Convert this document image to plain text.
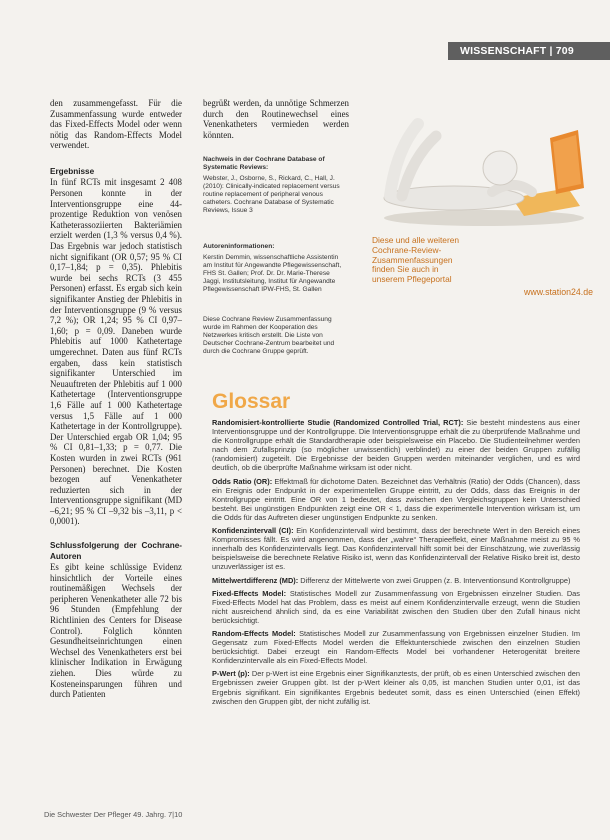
WISSENSCHAFT | 709

den zusammengefasst. Für die Zusammenfassung wurde entweder das Fixed-Effects Model oder wenn nötig das Random-Effects Model verwendet.

Ergebnisse

In fünf RCTs mit insgesamt 2 408 Personen konnte in der Interventionsgruppe eine 44-prozentige Reduktion von venösen Katheterassoziierten Bakteriämien erzielt werden (1,3 % versus 0,4 %). Das Ergebnis war jedoch statistisch nicht signifikant (OR 0,57; 95 % CI 0,17–1,84; p = 0,35). Phlebitis wurde bei sechs RCTs (3 455 Personen) erfasst. Es ergab sich kein signifikanter Anstieg der Phlebitis in der Interventionsgruppe (9 % versus 7,2 %); OR 1,24; 95 % CI 0,97–1,60; p = 0,09. Daneben wurde Phlebitis auf 1000 Kathetertage umgerechnet. Daten aus fünf RCTs ergaben, dass kein statistisch signifikanter Unterschied im Neuauftreten der Phlebitis auf 1 000 Kathetertage (Interventionsgruppe 1,6 Fälle auf 1 000 Kathetertage versus 1,5 Fälle auf 1 000 Kathetertage in der Kontrollgruppe). Der Unterschied ergab OR 1,04; 95 % CI 0,81–1,33; p = 0,77. Die Kosten wurden in zwei RCTs (961 Personen) berechnet. Die Kosten bezogen auf Venenkatheter reduzierten sich in der Interventionsgruppe signifikant (MD –6,21; 95 % CI –9,32 bis –3,11, p < 0,0001).

Schlussfolgerung der Cochrane-Autoren

Es gibt keine schlüssige Evidenz hinsichtlich der Vorteile eines routinemäßigen Wechsels der peripheren Venenkatheter alle 72 bis 96 Stunden (Empfehlung der Richtlinien des Centers for Disease Control). Folglich könnten Gesundheitseinrichtungen einen Wechsel des Venenkatheters erst bei klinischer Indikation in Erwägung ziehen. Dies würde zu Kosteneinsparungen führen und durch Patienten

begrüßt werden, da unnötige Schmerzen durch den Routinewechsel eines Venenkatheters vermieden werden könnten.

Nachweis in der Cochrane Database of Systematic Reviews:
Webster, J., Osborne, S., Rickard, C., Hall, J. (2010): Clinically-indicated replacement versus routine replacement of peripheral venous catheters. Cochrane Database of Systematic Reviews, Issue 3
Autoreninformationen:
Kerstin Demmin, wissenschaftliche Assistentin am Institut für Angewandte Pflegewissenschaft, FHS St. Gallen; Prof. Dr. Dr. Marie-Therese Jaggi, Institutsleitung, Institut für Angewandte Pflegewissenschaft IPW-FHS, St. Gallen
Diese Cochrane Review Zusammenfassung wurde im Rahmen der Kooperation des Netzwerkes kritisch erstellt. Die Liste von Deutscher Cochrane-Zentrum bearbeitet und durch die Cochrane Gruppe geprüft.
Diese und alle weiteren Cochrane-Review-Zusammenfassungen finden Sie auch in unserem Pflegeportal
www.station24.de
Glossar

Randomisiert-kontrollierte Studie (Randomized Controlled Trial, RCT): Sie besteht mindestens aus einer Interventionsgruppe und der Kontrollgruppe. Die Interventionsgruppe erhält die zu überprüfende Maßnahme und die Kontrollgruppe erhält die Standardtherapie oder beispielsweise ein Placebo. Die Studienteilnehmer werden nach dem Zufallsprinzip (so möglicher unwissentlich) verblindet) zu einer der beiden Gruppen zufällig (randomisiert) zugeteilt. Die Ergebnisse der beiden Gruppen werden miteinander verglichen, und es wird deutlich, ob die überprüfte Maßnahme wirksam ist oder nicht.

Odds Ratio (OR): Effektmaß für dichotome Daten. Bezeichnet das Verhältnis (Ratio) der Odds (Chancen), dass ein Ereignis oder Endpunkt in der experimentellen Gruppe eintritt, zu der Odds, dass das Ereignis in der Kontrollgruppe eintritt. Eine OR von 1 bedeutet, dass zwischen den Vergleichsgruppen kein Unterschied besteht. Bei ungünstigen Endpunkten zeigt eine OR < 1, dass die experimentelle Intervention wirksam ist, um die Odds für das Auftreten dieser ungünstigen Endpunkte zu senken.

Konfidenzintervall (CI): Ein Konfidenzintervall wird bestimmt, dass der berechnete Wert in den Bereich eines Kompromisses fällt. Es wird angenommen, dass der „wahre“ Therapieeffekt, einer Maßnahme meist zu 95 % innerhalb des Konfidenzintervalls liegt. Das Konfidenzintervall hilft somit bei der Einschätzung, wie zuverlässig beispielsweise die berechnete Relative Risiko ist, wenn das Konfidenzintervall der Relative Risiko breit ist, desto unzuverlässiger ist es.

Mittelwertdifferenz (MD): Differenz der Mittelwerte von zwei Gruppen (z. B. Interventionsund Kontrollgruppe)

Fixed-Effects Model: Statistisches Modell zur Zusammenfassung von Ergebnissen einzelner Studien. Das Fixed-Effects Model hat das Problem, dass es meist auf einem Konfidenzintervalle erzeugt, wenn die Studien nicht ausreichend ähnlich sind, da es eine Variabilität zwischen den Studien über den Zufall hinaus nicht berücksichtigt.

Random-Effects Model: Statistisches Modell zur Zusammenfassung von Ergebnissen einzelner Studien. Im Gegensatz zum Fixed-Effects Model werden die Effektunterschiede zwischen den einzelnen Studien berücksichtigt. Dabei erzeugt ein Random-Effects Model bei vorhandener Heterogenität breitere Konfidenzintervalle als ein Fixed-Effects Model.

P-Wert (p): Der p-Wert ist eine Ergebnis einer Signifikanztests, der prüft, ob es einen Unterschied zwischen den Ergebnissen zweier Gruppen gibt. Ist der p-Wert kleiner als 0,05, ist manchen Studien unter 0,01, ist das Ergebnis signifikant. Ein signifikantes Ergebnis bedeutet somit, dass es einen Unterschied (einen Effekt) zwischen den Gruppen gibt, der nicht zufällig ist.

Die Schwester Der Pfleger 49. Jahrg. 7|10
